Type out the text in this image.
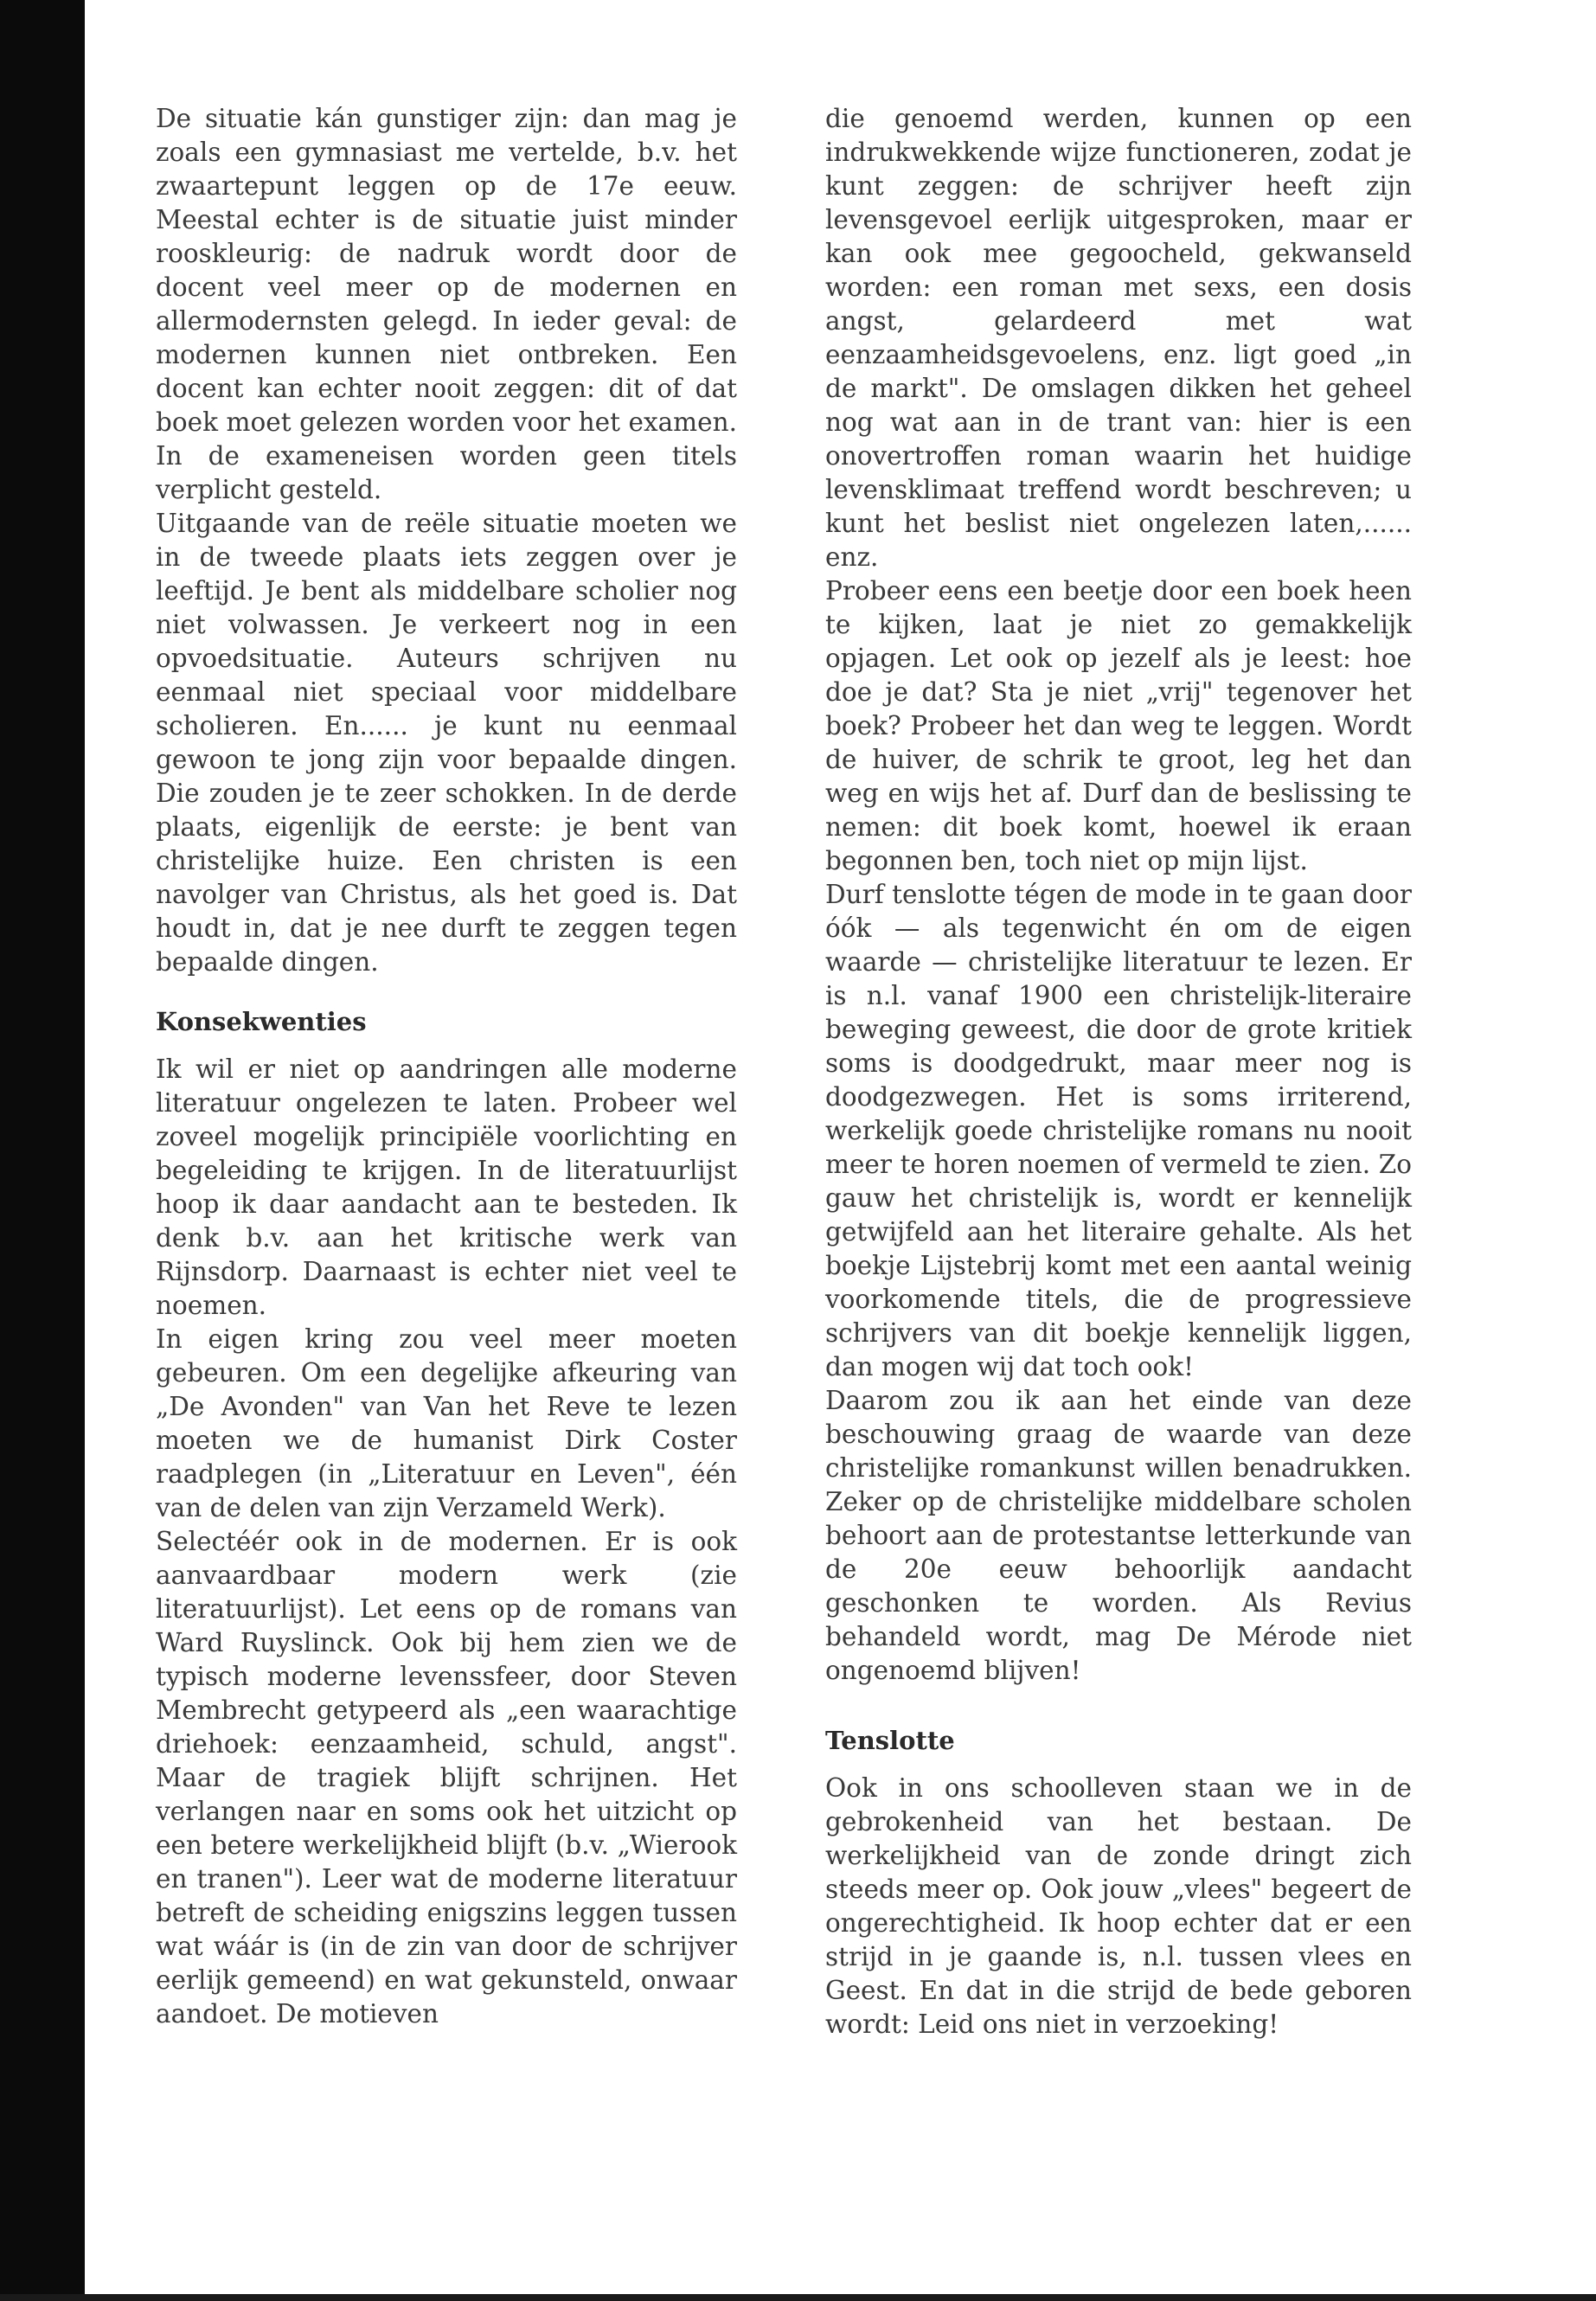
De situatie kán gunstiger zijn: dan mag je zoals een gymnasiast me vertelde, b.v. het zwaartepunt leggen op de 17e eeuw. Meestal echter is de situatie juist minder rooskleurig: de nadruk wordt door de docent veel meer op de modernen en allermodernsten gelegd. In ieder geval: de modernen kunnen niet ontbreken. Een docent kan echter nooit zeggen: dit of dat boek moet gelezen worden voor het examen. In de exameneisen worden geen titels verplicht gesteld.

Uitgaande van de reële situatie moeten we in de tweede plaats iets zeggen over je leeftijd. Je bent als middelbare scholier nog niet volwassen. Je verkeert nog in een opvoedsituatie. Auteurs schrijven nu eenmaal niet speciaal voor middelbare scholieren. En...... je kunt nu eenmaal gewoon te jong zijn voor bepaalde dingen. Die zouden je te zeer schokken. In de derde plaats, eigenlijk de eerste: je bent van christelijke huize. Een christen is een navolger van Christus, als het goed is. Dat houdt in, dat je nee durft te zeggen tegen bepaalde dingen.

Konsekwenties

Ik wil er niet op aandringen alle moderne literatuur ongelezen te laten. Probeer wel zoveel mogelijk principiële voorlichting en begeleiding te krijgen. In de literatuurlijst hoop ik daar aandacht aan te besteden. Ik denk b.v. aan het kritische werk van Rijnsdorp. Daarnaast is echter niet veel te noemen.

In eigen kring zou veel meer moeten gebeuren. Om een degelijke afkeuring van „De Avonden" van Van het Reve te lezen moeten we de humanist Dirk Coster raadplegen (in „Literatuur en Leven", één van de delen van zijn Verzameld Werk).

Selectéér ook in de modernen. Er is ook aanvaardbaar modern werk (zie literatuurlijst). Let eens op de romans van Ward Ruyslinck. Ook bij hem zien we de typisch moderne levenssfeer, door Steven Membrecht getypeerd als „een waarachtige driehoek: eenzaamheid, schuld, angst". Maar de tragiek blijft schrijnen. Het verlangen naar en soms ook het uitzicht op een betere werkelijkheid blijft (b.v. „Wierook en tranen"). Leer wat de moderne literatuur betreft de scheiding enigszins leggen tussen wat wáár is (in de zin van door de schrijver eerlijk gemeend) en wat gekunsteld, onwaar aandoet. De motieven

die genoemd werden, kunnen op een indrukwekkende wijze functioneren, zodat je kunt zeggen: de schrijver heeft zijn levensgevoel eerlijk uitgesproken, maar er kan ook mee gegoocheld, gekwanseld worden: een roman met sexs, een dosis angst, gelardeerd met wat eenzaamheidsgevoelens, enz. ligt goed „in de markt". De omslagen dikken het geheel nog wat aan in de trant van: hier is een onovertroffen roman waarin het huidige levensklimaat treffend wordt beschreven; u kunt het beslist niet ongelezen laten,...... enz.

Probeer eens een beetje door een boek heen te kijken, laat je niet zo gemakkelijk opjagen. Let ook op jezelf als je leest: hoe doe je dat? Sta je niet „vrij" tegenover het boek? Probeer het dan weg te leggen. Wordt de huiver, de schrik te groot, leg het dan weg en wijs het af. Durf dan de beslissing te nemen: dit boek komt, hoewel ik eraan begonnen ben, toch niet op mijn lijst.

Durf tenslotte tégen de mode in te gaan door óók — als tegenwicht én om de eigen waarde — christelijke literatuur te lezen. Er is n.l. vanaf 1900 een christelijk-literaire beweging geweest, die door de grote kritiek soms is doodgedrukt, maar meer nog is doodgezwegen. Het is soms irriterend, werkelijk goede christelijke romans nu nooit meer te horen noemen of vermeld te zien. Zo gauw het christelijk is, wordt er kennelijk getwijfeld aan het literaire gehalte. Als het boekje Lijstebrij komt met een aantal weinig voorkomende titels, die de progressieve schrijvers van dit boekje kennelijk liggen, dan mogen wij dat toch ook!

Daarom zou ik aan het einde van deze beschouwing graag de waarde van deze christelijke romankunst willen benadrukken. Zeker op de christelijke middelbare scholen behoort aan de protestantse letterkunde van de 20e eeuw behoorlijk aandacht geschonken te worden. Als Revius behandeld wordt, mag De Mérode niet ongenoemd blijven!

Tenslotte

Ook in ons schoolleven staan we in de gebrokenheid van het bestaan. De werkelijkheid van de zonde dringt zich steeds meer op. Ook jouw „vlees" begeert de ongerechtigheid. Ik hoop echter dat er een strijd in je gaande is, n.l. tussen vlees en Geest. En dat in die strijd de bede geboren wordt: Leid ons niet in verzoeking!
